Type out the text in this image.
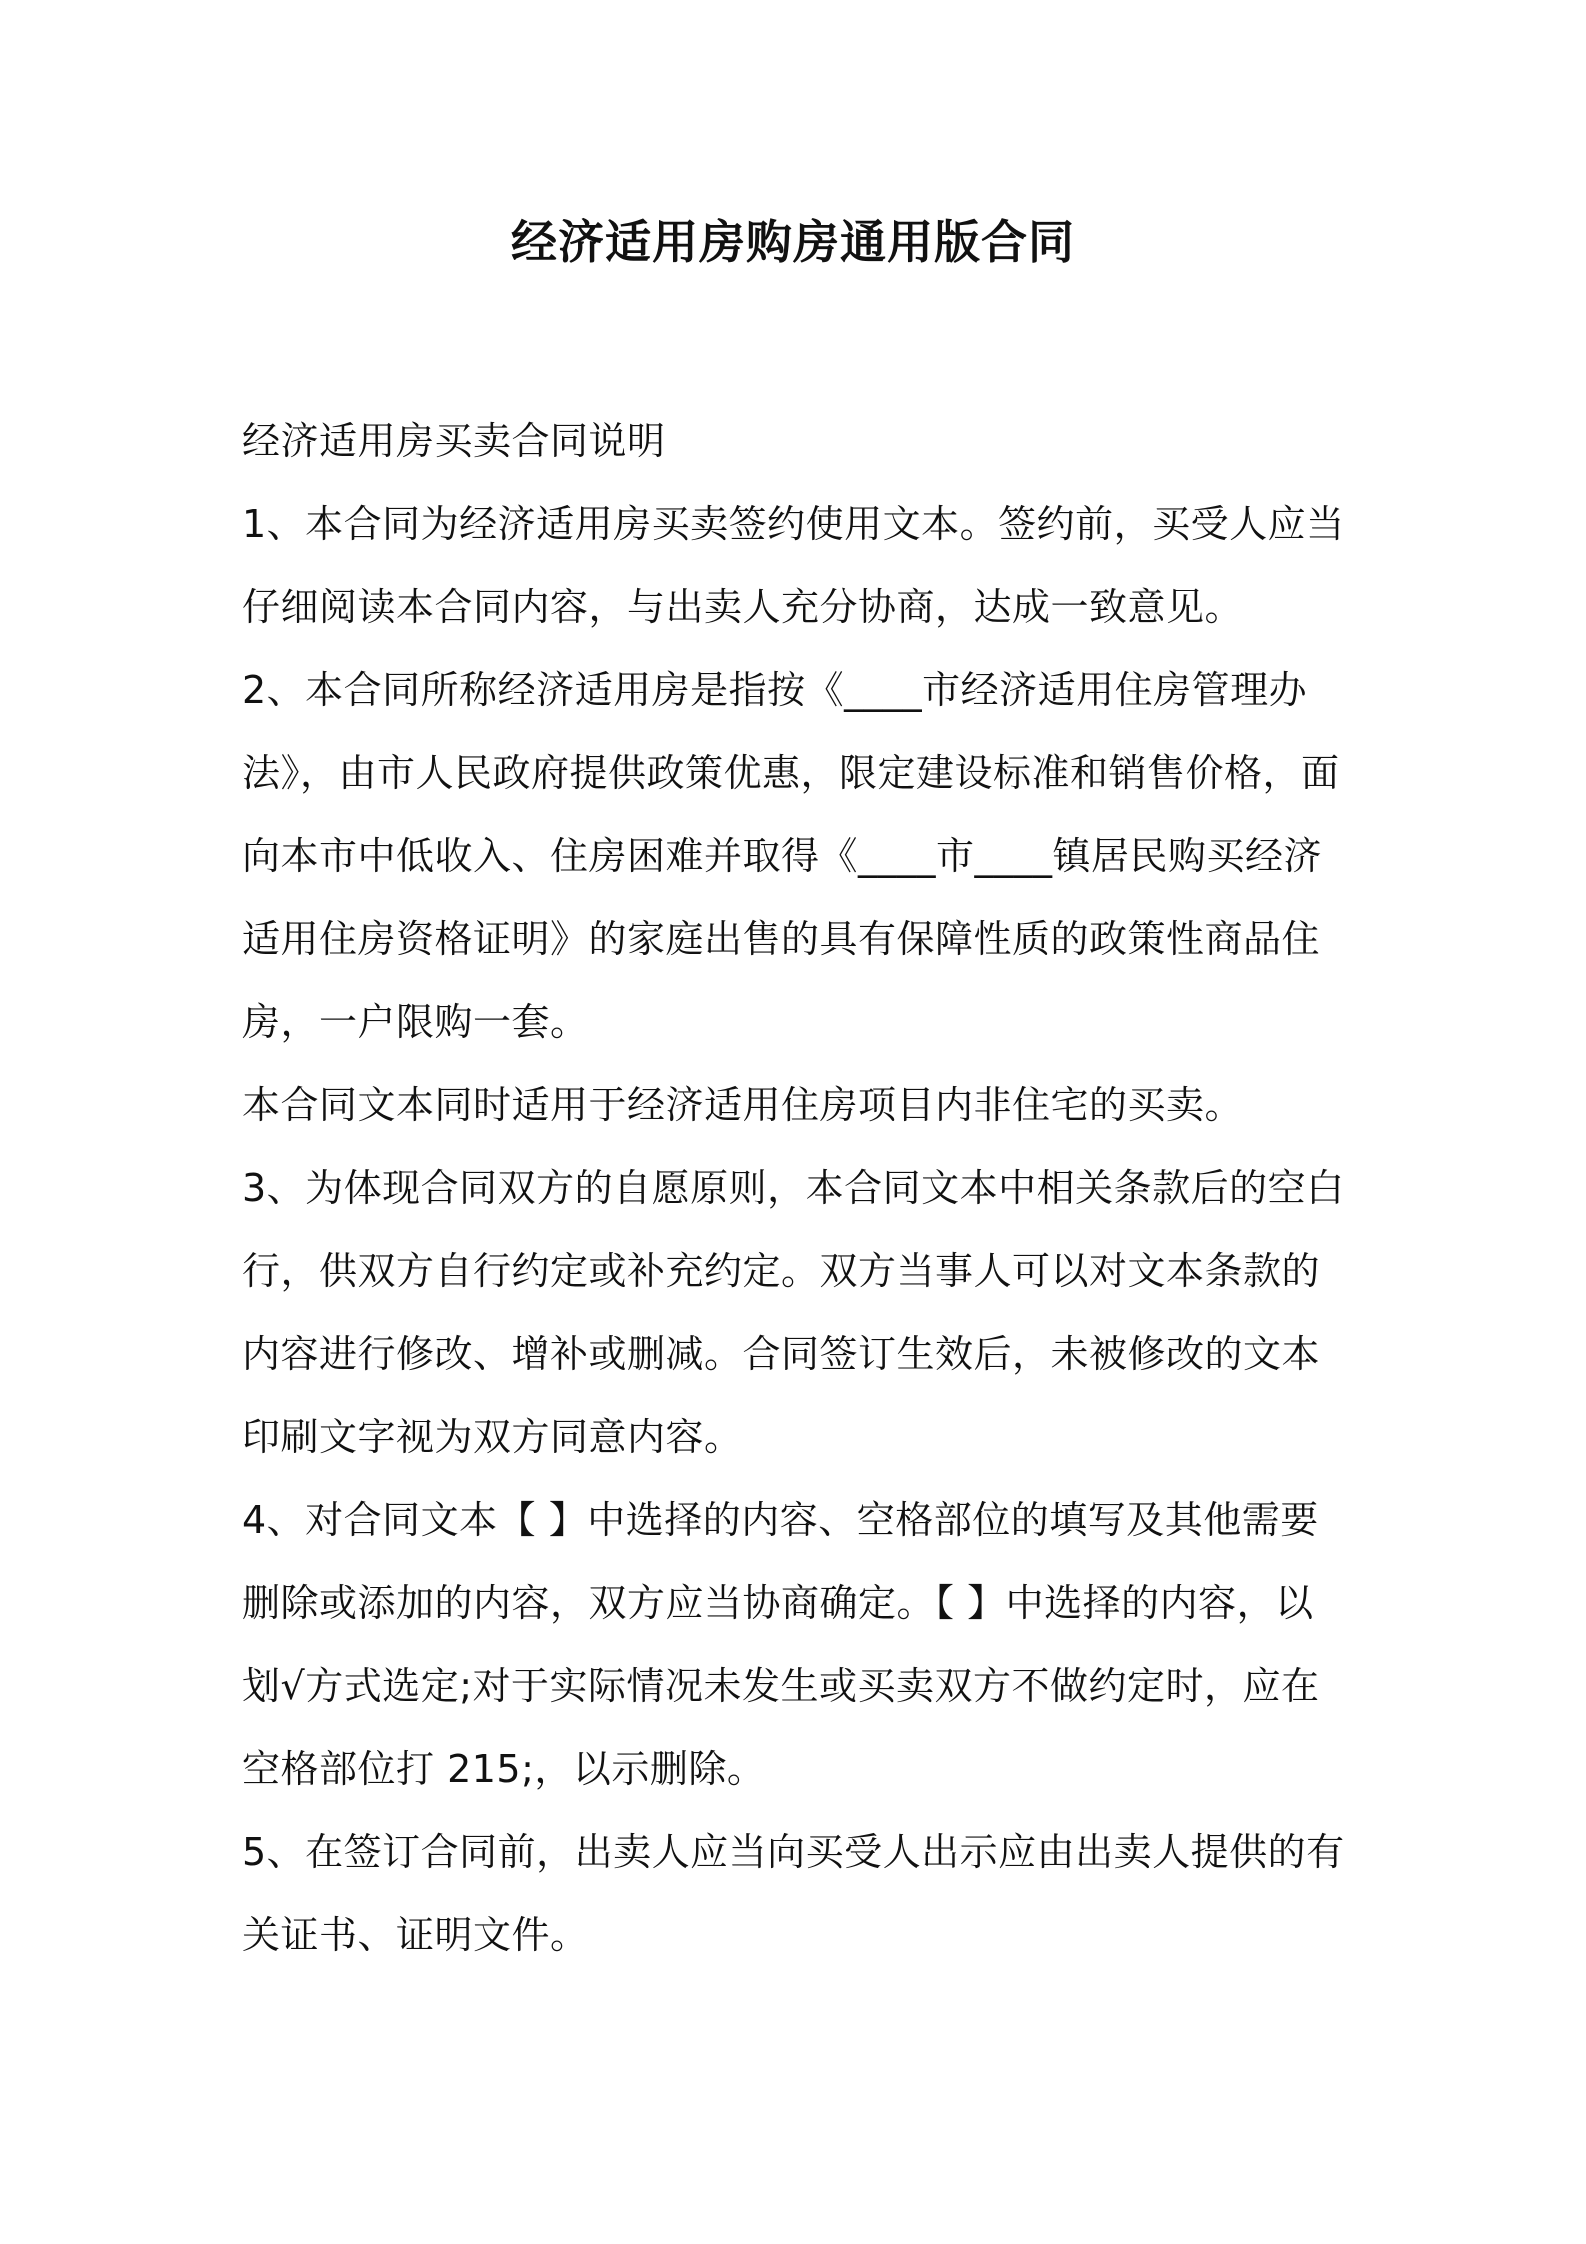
经济适用房购房通用版合同

经济适用房买卖合同说明

1、本合同为经济适用房买卖签约使用文本。签约前，买受人应当仔细阅读本合同内容，与出卖人充分协商，达成一致意见。

2、本合同所称经济适用房是指按《____市经济适用住房管理办法》，由市人民政府提供政策优惠，限定建设标准和销售价格，面向本市中低收入、住房困难并取得《____市____镇居民购买经济适用住房资格证明》的家庭出售的具有保障性质的政策性商品住房，一户限购一套。

本合同文本同时适用于经济适用住房项目内非住宅的买卖。

3、为体现合同双方的自愿原则，本合同文本中相关条款后的空白行，供双方自行约定或补充约定。双方当事人可以对文本条款的内容进行修改、增补或删减。合同签订生效后，未被修改的文本印刷文字视为双方同意内容。

4、对合同文本【 】中选择的内容、空格部位的填写及其他需要删除或添加的内容，双方应当协商确定。【 】中选择的内容，以划√方式选定;对于实际情况未发生或买卖双方不做约定时，应在空格部位打 215;，以示删除。

5、在签订合同前，出卖人应当向买受人出示应由出卖人提供的有关证书、证明文件。
